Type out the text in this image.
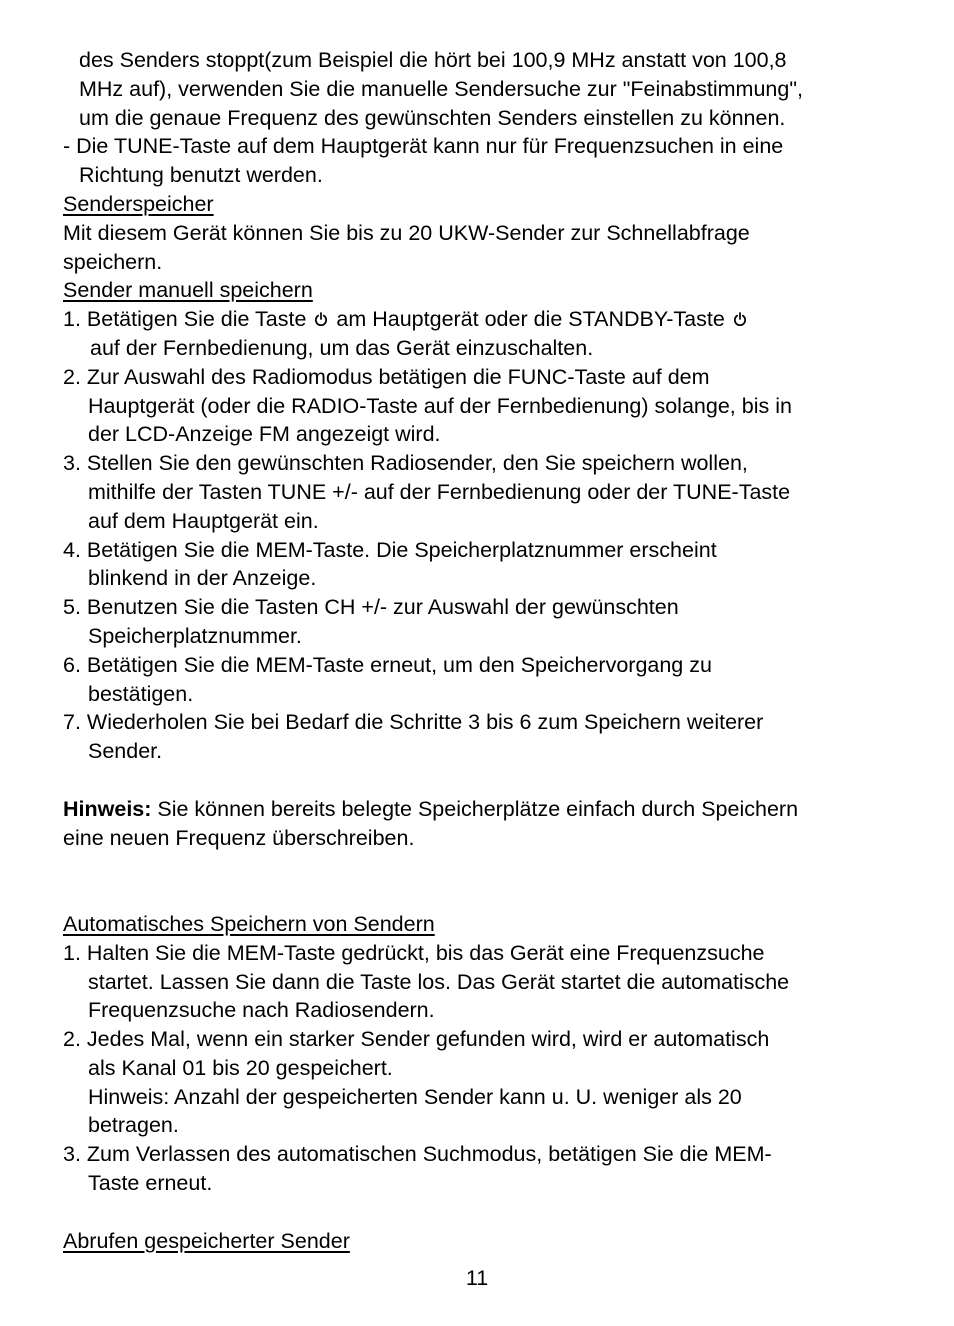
des Senders stoppt(zum Beispiel die hört bei 100,9 MHz anstatt von 100,8
MHz auf), verwenden Sie die manuelle Sendersuche zur "Feinabstimmung",
um die genaue Frequenz des gewünschten Senders einstellen zu können.
- Die TUNE-Taste auf dem Hauptgerät kann nur für Frequenzsuchen in eine
Richtung benutzt werden.
Senderspeicher
Mit diesem Gerät können Sie bis zu 20 UKW-Sender zur Schnellabfrage
speichern.
Sender manuell speichern
1. Betätigen Sie die Taste
am Hauptgerät oder die STANDBY-Taste
auf der Fernbedienung, um das Gerät einzuschalten.
2. Zur Auswahl des Radiomodus betätigen die FUNC-Taste auf dem
Hauptgerät (oder die RADIO-Taste auf der Fernbedienung) solange, bis in
der LCD-Anzeige FM angezeigt wird.
3. Stellen Sie den gewünschten Radiosender, den Sie speichern wollen,
mithilfe der Tasten TUNE +/- auf der Fernbedienung oder der TUNE-Taste
auf dem Hauptgerät ein.
4. Betätigen Sie die MEM-Taste. Die Speicherplatznummer erscheint
blinkend in der Anzeige.
5. Benutzen Sie die Tasten CH +/- zur Auswahl der gewünschten
Speicherplatznummer.
6. Betätigen Sie die MEM-Taste erneut, um den Speichervorgang zu
bestätigen.
7. Wiederholen Sie bei Bedarf die Schritte 3 bis 6 zum Speichern weiterer
Sender.
Hinweis: Sie können bereits belegte Speicherplätze einfach durch Speichern
eine neuen Frequenz überschreiben.
Automatisches Speichern von Sendern
1. Halten Sie die MEM-Taste gedrückt, bis das Gerät eine Frequenzsuche
startet. Lassen Sie dann die Taste los. Das Gerät startet die automatische
Frequenzsuche nach Radiosendern.
2. Jedes Mal, wenn ein starker Sender gefunden wird, wird er automatisch
als Kanal 01 bis 20 gespeichert.
Hinweis: Anzahl der gespeicherten Sender kann u. U. weniger als 20
betragen.
3. Zum Verlassen des automatischen Suchmodus, betätigen Sie die MEM-
Taste erneut.
Abrufen gespeicherter Sender
11
